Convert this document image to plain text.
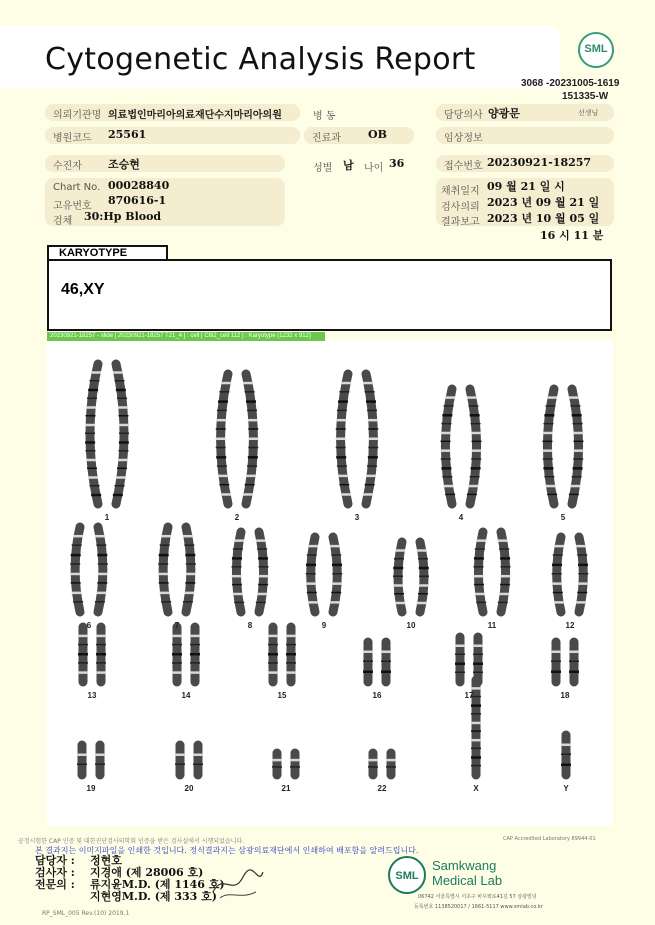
Cytogenetic Analysis Report	SML
3068 -20231005-1619
151335-W
의뢰기관명 의료법인마리아의료재단수지마리아의원	병 동	담당의사 양광문	선생님
병원코드	25561	진료과	OB	임상정보
수진자	조승현	성별 남 나이 36	접수번호 20230921-18257
Chart No. 00028840
고유번호 870616-1
검체 30:Hp Blood
채취일지 09 월 21 일 시
검사의뢰 2023 년 09 월 21 일
결과보고 2023 년 10 월 05 일
16 시 11 분
KARYOTYPE
46,XY
20230921-18257 - slide [ 20230921-18257 T21_4 ] : cell [ C8i2_cell 112 ] : Karyotype (1232 x 912)
1	2	3	4	5
6	7	8	9	10	11	12
13	14	15	16	17	18
19	20	21	22	X	Y
공정시험한 CAP 인증 및 대한진단검사의학회 인증을 받은 검사실에서 시행되었습니다.	CAP Accredited Laboratory 89944-01
본 결과지는 이미지파일을 인쇄한 것입니다. 정식결과지는 삼광의료재단에서 인쇄하여 배포함을 알려드립니다.
담당자 : 정현호
검사자 : 지경애 (제 28006 호)
전문의 : 류지윤M.D. (제 1146 호)
지현영M.D. (제 333 호)
SML
Samkwang
Medical Lab
06742 서울특별시 서초구 바우뫼로41길 57 삼광빌딩
등록번호 1138520017 / 1661-5117 www.smlab.co.kr
RP_SML_005 Rev.(10) 2019.1
